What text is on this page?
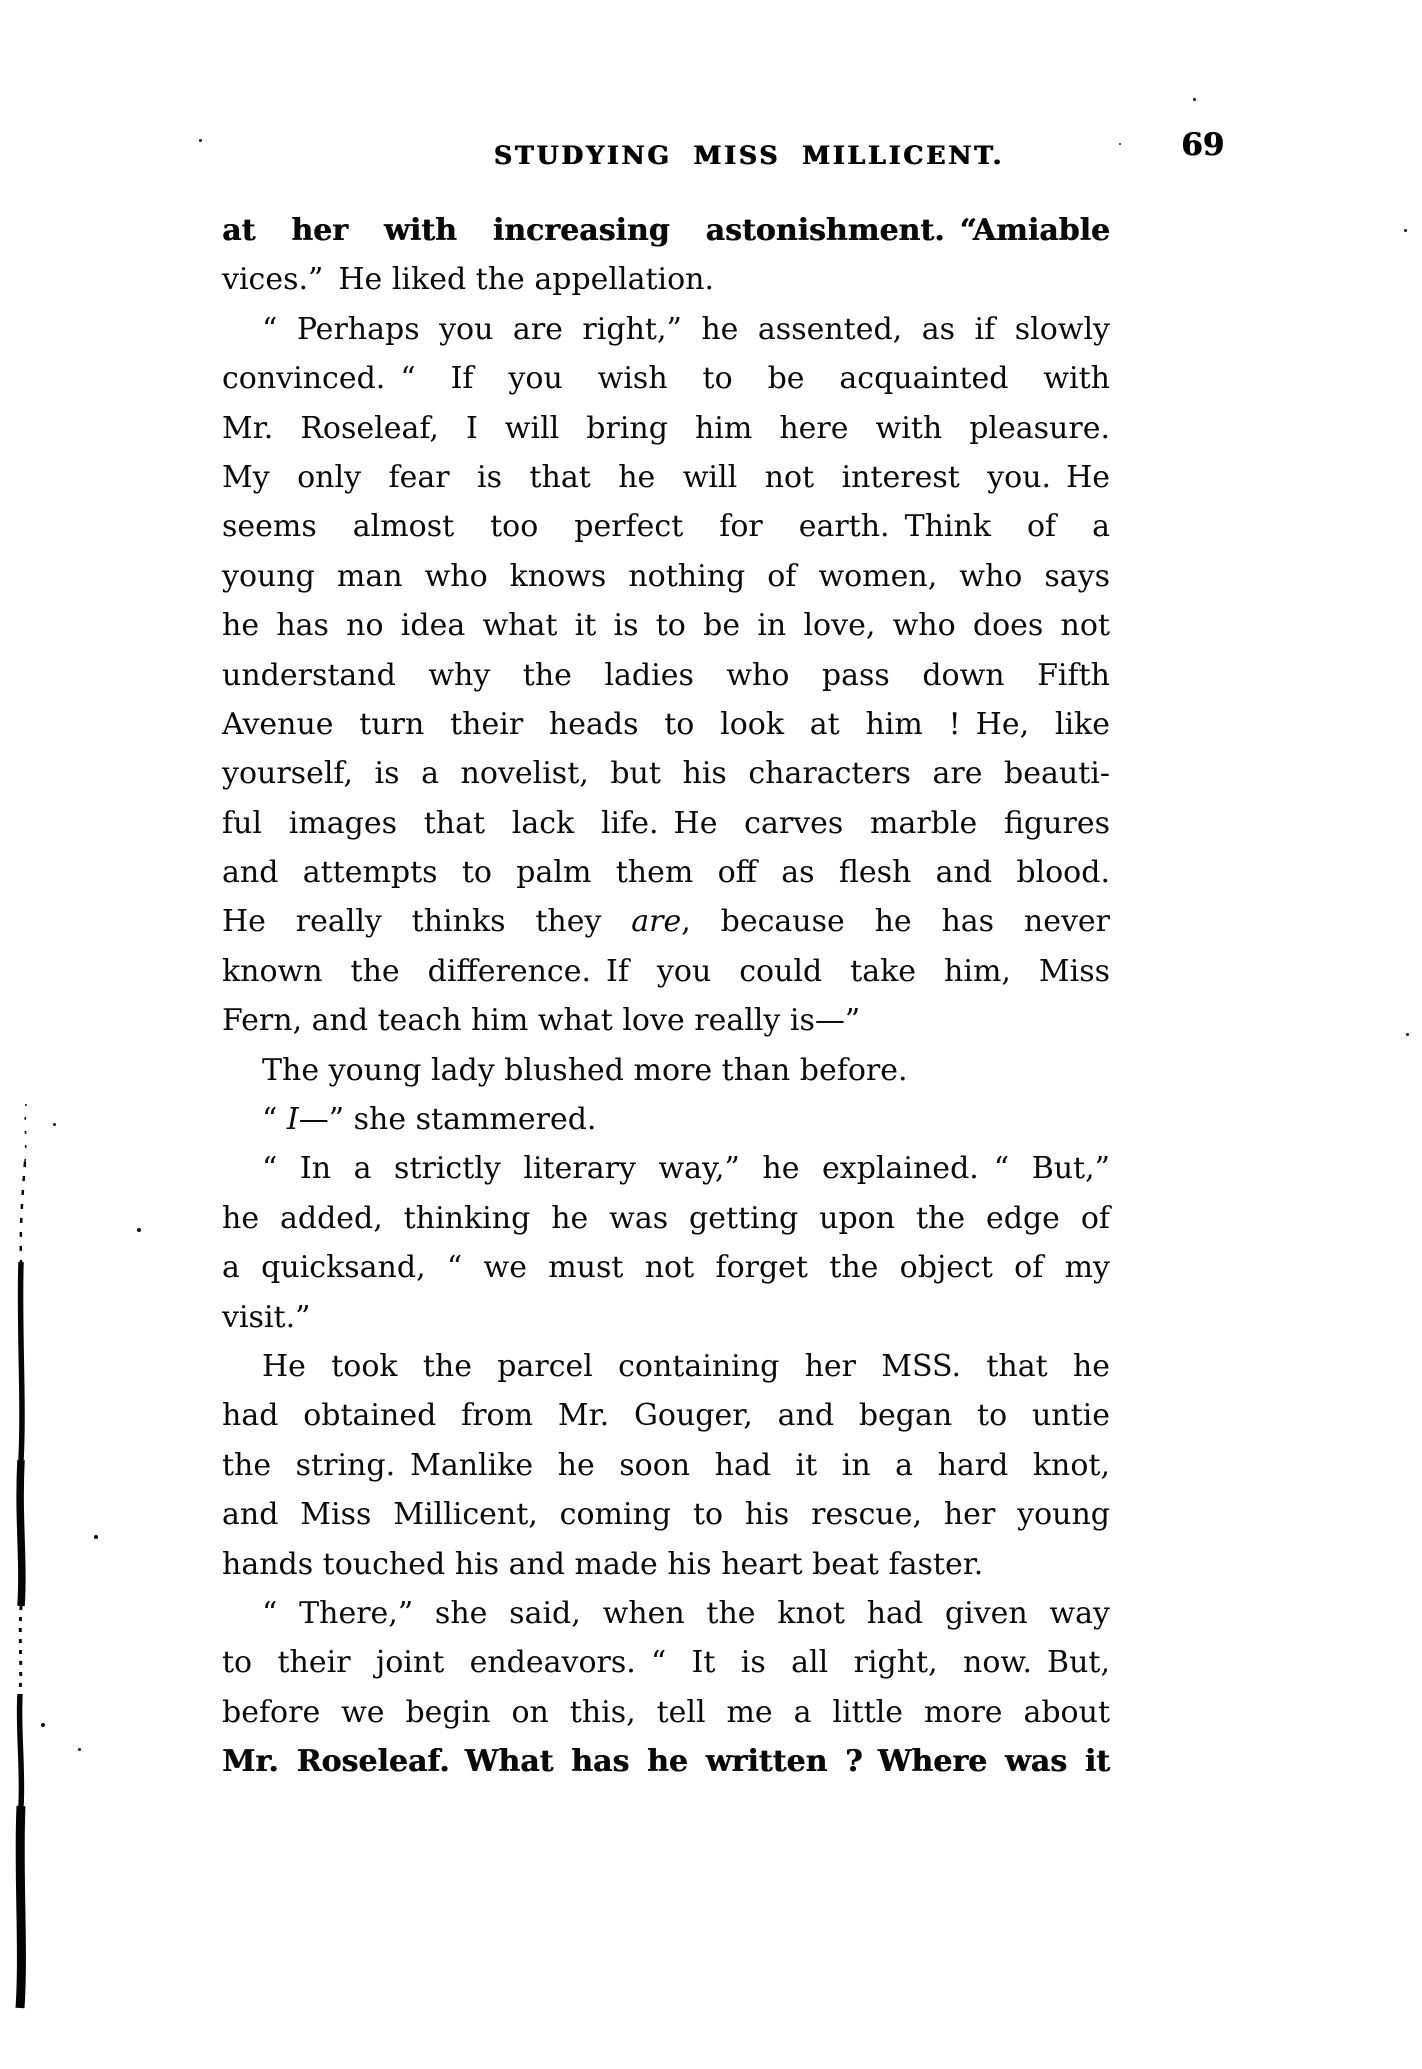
STUDYING MISS MILLICENT.	69
at her with increasing astonishment. “Amiable
vices.” He liked the appellation.
“ Perhaps you are right,” he assented, as if slowly
convinced. “ If you wish to be acquainted with
Mr. Roseleaf, I will bring him here with pleasure.
My only fear is that he will not interest you. He
seems almost too perfect for earth. Think of a
young man who knows nothing of women, who says
he has no idea what it is to be in love, who does not
understand why the ladies who pass down Fifth
Avenue turn their heads to look at him ! He, like
yourself, is a novelist, but his characters are beauti-
ful images that lack life. He carves marble figures
and attempts to palm them off as flesh and blood.
He really thinks they are, because he has never
known the difference. If you could take him, Miss
Fern, and teach him what love really is—”
The young lady blushed more than before.
“ I—” she stammered.
“ In a strictly literary way,” he explained. “ But,”
he added, thinking he was getting upon the edge of
a quicksand, “ we must not forget the object of my
visit.”
He took the parcel containing her MSS. that he
had obtained from Mr. Gouger, and began to untie
the string. Manlike he soon had it in a hard knot,
and Miss Millicent, coming to his rescue, her young
hands touched his and made his heart beat faster.
“ There,” she said, when the knot had given way
to their joint endeavors. “ It is all right, now. But,
before we begin on this, tell me a little more about
Mr. Roseleaf. What has he written ? Where was it
